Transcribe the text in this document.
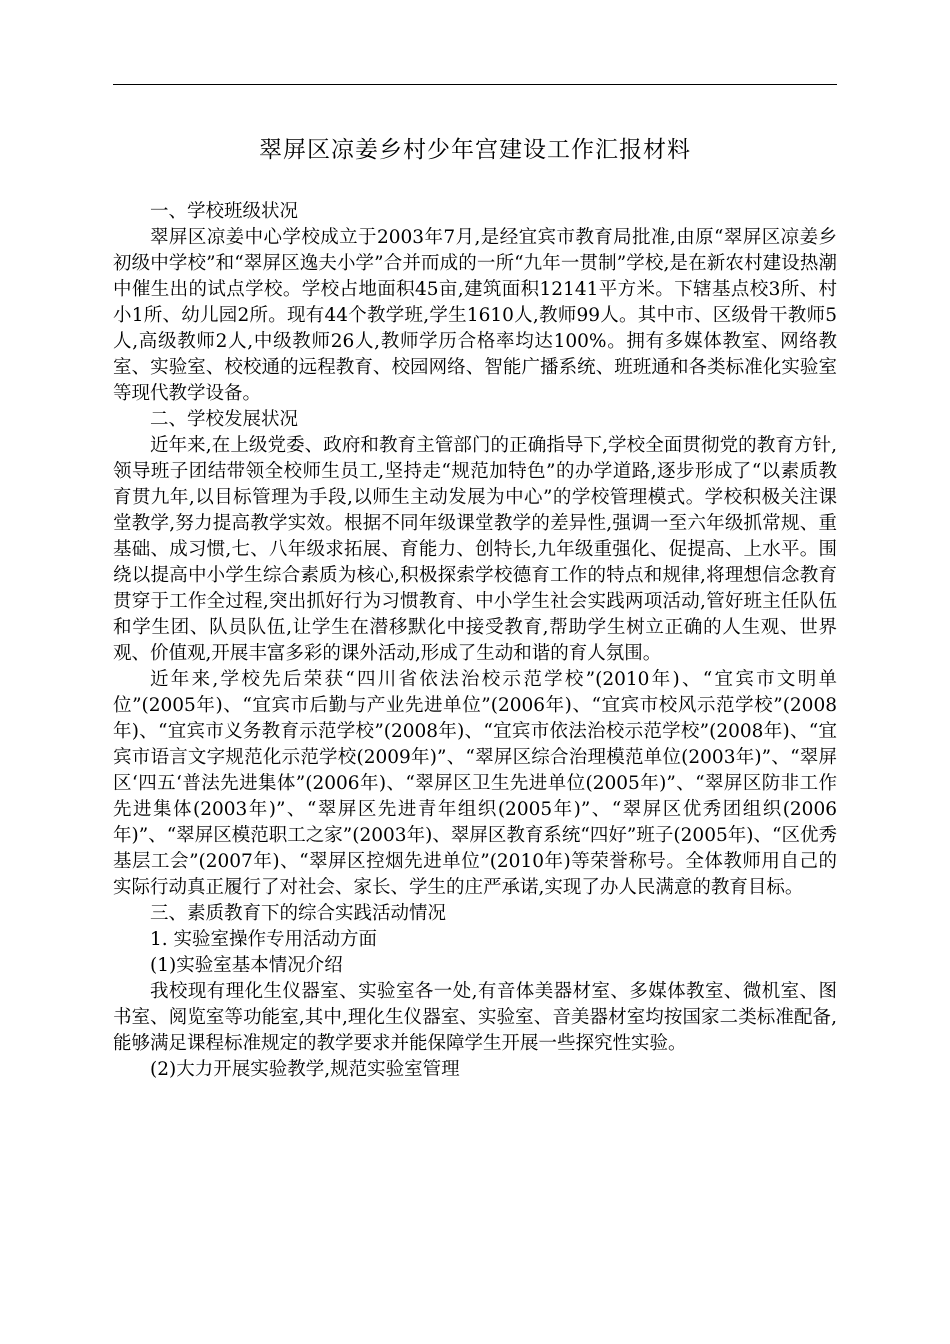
翠屏区凉姜乡村少年宫建设工作汇报材料

一、学校班级状况

翠屏区凉姜中心学校成立于2003年7月,是经宜宾市教育局批准,由原“翠屏区凉姜乡初级中学校”和“翠屏区逸夫小学”合并而成的一所“九年一贯制”学校,是在新农村建设热潮中催生出的试点学校。学校占地面积45亩,建筑面积12141平方米。下辖基点校3所、村小1所、幼儿园2所。现有44个教学班,学生1610人,教师99人。其中市、区级骨干教师5人,高级教师2人,中级教师26人,教师学历合格率均达100%。拥有多媒体教室、网络教室、实验室、校校通的远程教育、校园网络、智能广播系统、班班通和各类标准化实验室等现代教学设备。

二、学校发展状况

近年来,在上级党委、政府和教育主管部门的正确指导下,学校全面贯彻党的教育方针,领导班子团结带领全校师生员工,坚持走“规范加特色”的办学道路,逐步形成了“以素质教育贯九年,以目标管理为手段,以师生主动发展为中心”的学校管理模式。学校积极关注课堂教学,努力提高教学实效。根据不同年级课堂教学的差异性,强调一至六年级抓常规、重基础、成习惯,七、八年级求拓展、育能力、创特长,九年级重强化、促提高、上水平。围绕以提高中小学生综合素质为核心,积极探索学校德育工作的特点和规律,将理想信念教育贯穿于工作全过程,突出抓好行为习惯教育、中小学生社会实践两项活动,管好班主任队伍和学生团、队员队伍,让学生在潜移默化中接受教育,帮助学生树立正确的人生观、世界观、价值观,开展丰富多彩的课外活动,形成了生动和谐的育人氛围。

近年来,学校先后荣获“四川省依法治校示范学校”(2010年)、“宜宾市文明单位”(2005年)、“宜宾市后勤与产业先进单位”(2006年)、“宜宾市校风示范学校”(2008年)、“宜宾市义务教育示范学校”(2008年)、“宜宾市依法治校示范学校”(2008年)、“宜宾市语言文字规范化示范学校(2009年)”、“翠屏区综合治理模范单位(2003年)”、“翠屏区‘四五‘普法先进集体”(2006年)、“翠屏区卫生先进单位(2005年)”、“翠屏区防非工作先进集体(2003年)”、“翠屏区先进青年组织(2005年)”、“翠屏区优秀团组织(2006年)”、“翠屏区模范职工之家”(2003年)、翠屏区教育系统“四好”班子(2005年)、“区优秀基层工会”(2007年)、“翠屏区控烟先进单位”(2010年)等荣誉称号。全体教师用自己的实际行动真正履行了对社会、家长、学生的庄严承诺,实现了办人民满意的教育目标。

三、素质教育下的综合实践活动情况

1. 实验室操作专用活动方面

(1)实验室基本情况介绍

我校现有理化生仪器室、实验室各一处,有音体美器材室、多媒体教室、微机室、图书室、阅览室等功能室,其中,理化生仪器室、实验室、音美器材室均按国家二类标准配备,能够满足课程标准规定的教学要求并能保障学生开展一些探究性实验。

(2)大力开展实验教学,规范实验室管理
